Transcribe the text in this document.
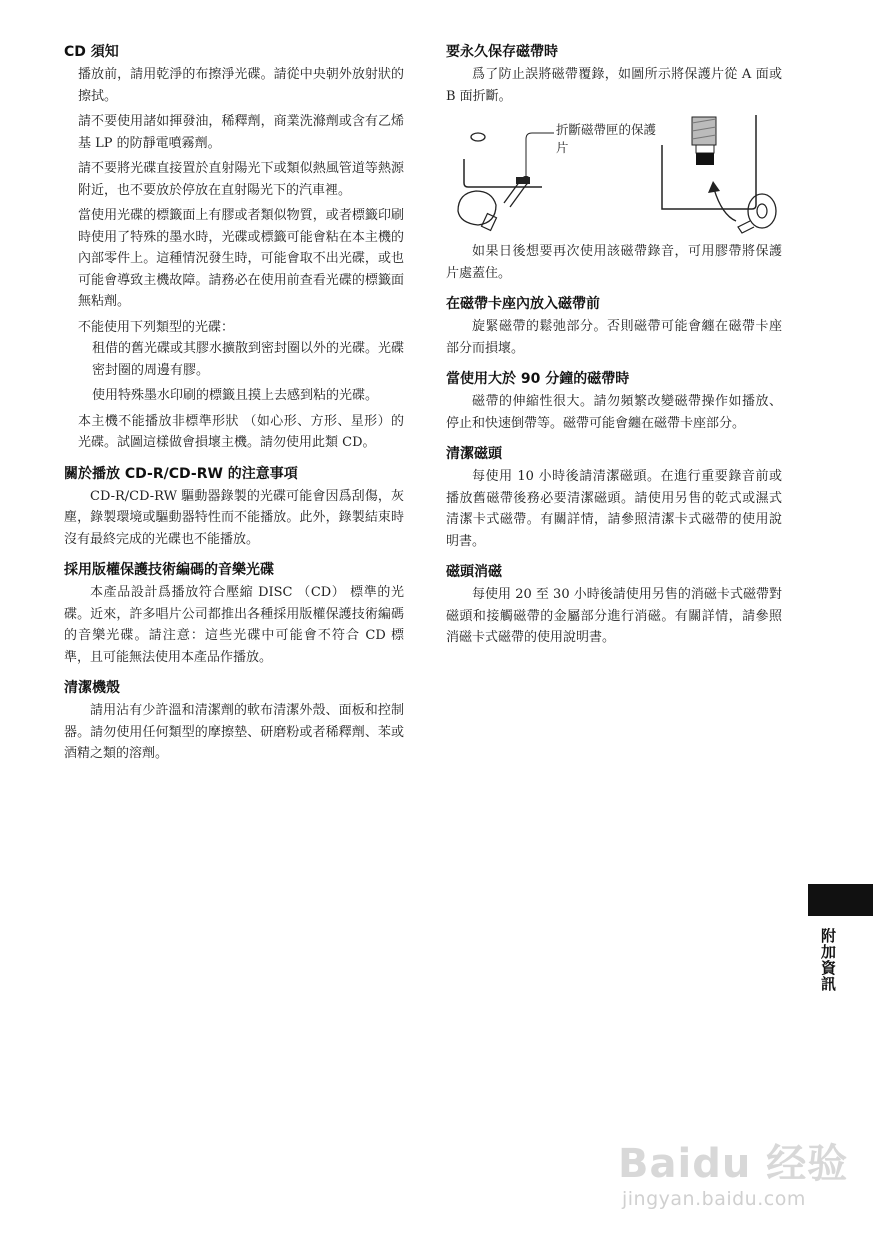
CD 須知

播放前，請用乾淨的布擦淨光碟。請從中央朝外放射狀的擦拭。

請不要使用諸如揮發油，稀釋劑，商業洗滌劑或含有乙烯基 LP 的防靜電噴霧劑。

請不要將光碟直接置於直射陽光下或類似熱風管道等熱源附近，也不要放於停放在直射陽光下的汽車裡。

當使用光碟的標籤面上有膠或者類似物質，或者標籤印刷時使用了特殊的墨水時，光碟或標籤可能會粘在本主機的內部零件上。這種情況發生時，可能會取不出光碟，或也可能會導致主機故障。請務必在使用前查看光碟的標籤面無粘劑。

不能使用下列類型的光碟：

租借的舊光碟或其膠水擴散到密封圈以外的光碟。光碟密封圈的周邊有膠。

使用特殊墨水印刷的標籤且摸上去感到粘的光碟。

本主機不能播放非標準形狀 （如心形、方形、星形）的光碟。試圖這樣做會損壞主機。請勿使用此類 CD。

關於播放 CD-R/CD-RW 的注意事項

CD-R/CD-RW 驅動器錄製的光碟可能會因爲刮傷，灰塵，錄製環境或驅動器特性而不能播放。此外，錄製結束時沒有最終完成的光碟也不能播放。

採用版權保護技術編碼的音樂光碟

本產品設計爲播放符合壓縮 DISC （CD） 標準的光碟。近來，許多唱片公司都推出各種採用版權保護技術編碼的音樂光碟。請注意：這些光碟中可能會不符合 CD 標準，且可能無法使用本產品作播放。

清潔機殼

請用沾有少許溫和清潔劑的軟布清潔外殼、面板和控制器。請勿使用任何類型的摩擦墊、研磨粉或者稀釋劑、苯或酒精之類的溶劑。

要永久保存磁帶時

爲了防止誤將磁帶覆錄，如圖所示將保護片從 A 面或 B 面折斷。

折斷磁帶匣的保護片

如果日後想要再次使用該磁帶錄音，可用膠帶將保護片處蓋住。

在磁帶卡座內放入磁帶前

旋緊磁帶的鬆弛部分。否則磁帶可能會纏在磁帶卡座部分而損壞。

當使用大於 90 分鐘的磁帶時

磁帶的伸縮性很大。請勿頻繁改變磁帶操作如播放、停止和快速倒帶等。磁帶可能會纏在磁帶卡座部分。

清潔磁頭

每使用 10 小時後請清潔磁頭。在進行重要錄音前或播放舊磁帶後務必要清潔磁頭。請使用另售的乾式或濕式清潔卡式磁帶。有關詳情，請參照清潔卡式磁帶的使用說明書。

磁頭消磁

每使用 20 至 30 小時後請使用另售的消磁卡式磁帶對磁頭和接觸磁帶的金屬部分進行消磁。有關詳情，請參照消磁卡式磁帶的使用說明書。

附加資訊
Baidu 经验
jingyan.baidu.com
